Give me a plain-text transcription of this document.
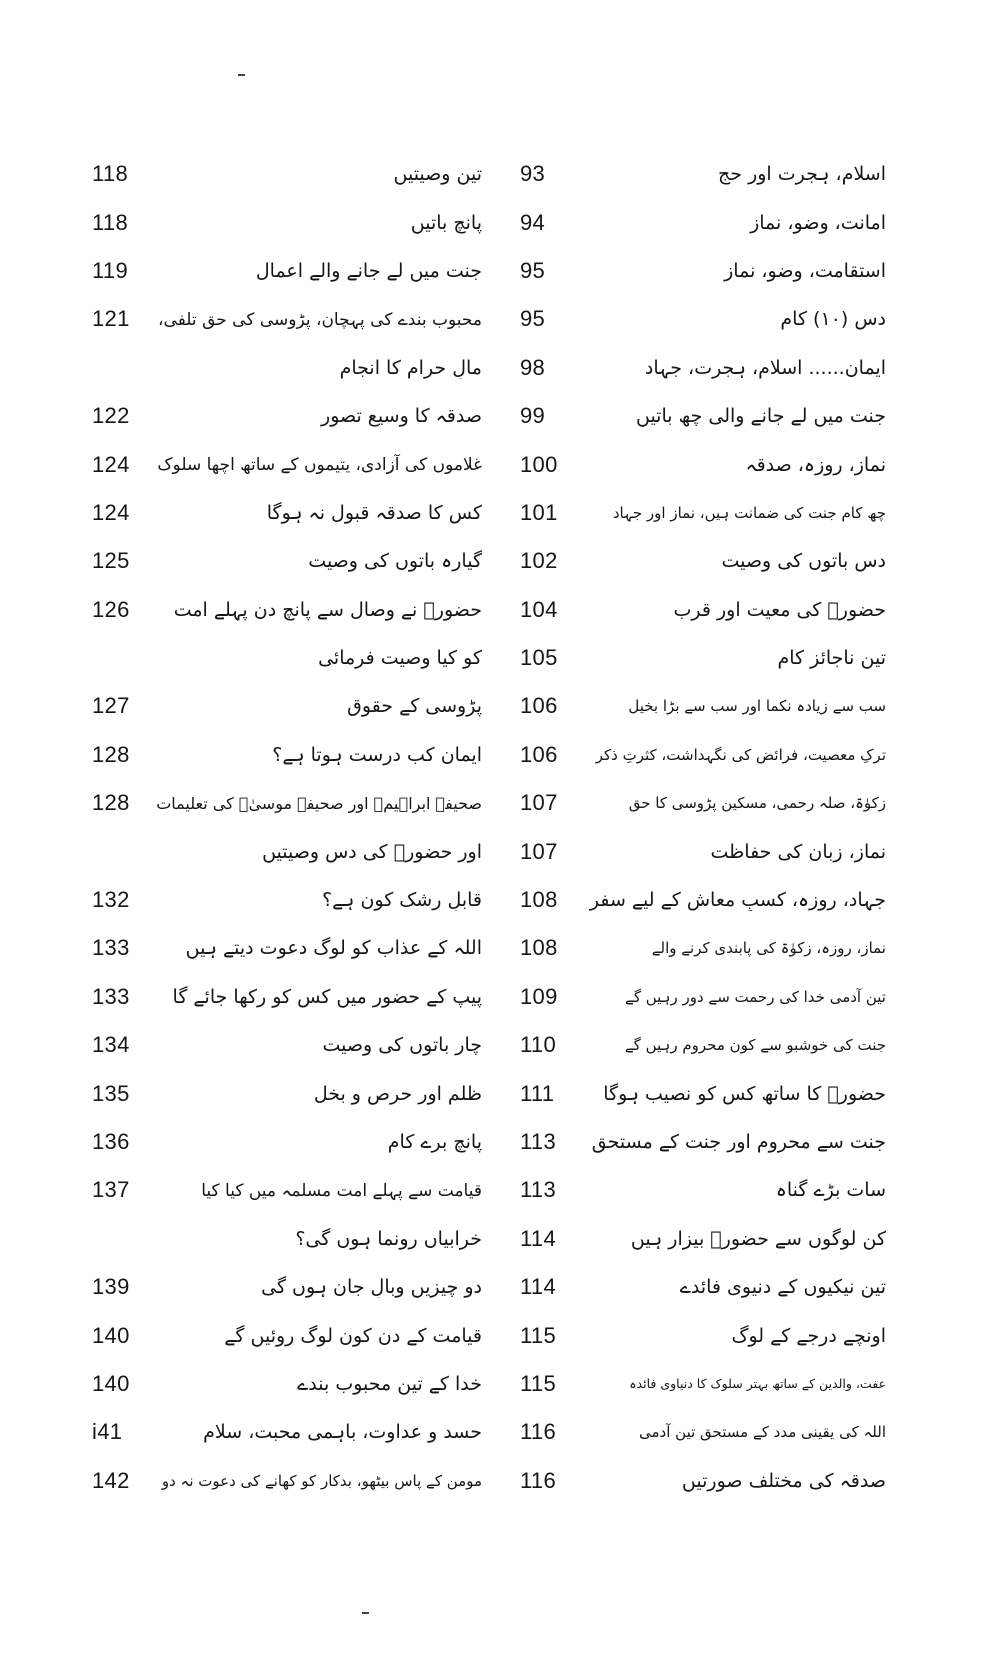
118	تین وصیتیں
118	پانچ باتیں
119	جنت میں لے جانے والے اعمال
121	محبوب بندے کی پہچان، پڑوسی کی حق تلفی،
مالِ حرام کا انجام
122	صدقہ کا وسیع تصور
124	غلاموں کی آزادی، یتیموں کے ساتھ اچھا سلوک
124	کس کا صدقہ قبول نہ ہوگا
125	گیارہ باتوں کی وصیت
126	حضورؐ نے وصال سے پانچ دن پہلے امت
کو کیا وصیت فرمائی
127	پڑوسی کے حقوق
128	ایمان کب درست ہوتا ہے؟
128	صحیفۂ ابراہیمؑ اور صحیفۂ موسیٰؑ کی تعلیمات
اور حضورؐ کی دس وصیتیں
132	قابلِ رشک کون ہے؟
133	اللہ کے عذاب کو لوگ دعوت دیتے ہیں
133	پیپ کے حضور میں کس کو رکھا جائے گا
134	چار باتوں کی وصیت
135	ظلم اور حرص و بخل
136	پانچ برے کام
137	قیامت سے پہلے امت مسلمہ میں کیا کیا
خرابیاں رونما ہوں گی؟
139	دو چیزیں وبالِ جان ہوں گی
140	قیامت کے دن کون لوگ روئیں گے
140	خدا کے تین محبوب بندے
i41	حسد و عداوت، باہمی محبت، سلام
142	مومن کے پاس بیٹھو، بدکار کو کھانے کی دعوت نہ دو
93	اسلام، ہجرت اور حج
94	امانت، وضو، نماز
95	استقامت، وضو، نماز
95	دس (۱۰) کام
98	ایمان...... اسلام، ہجرت، جہاد
99	جنت میں لے جانے والی چھ باتیں
100	نماز، روزہ، صدقہ
101	چھ کام جنت کی ضمانت ہیں، نماز اور جہاد
102	دس باتوں کی وصیت
104	حضورؐ کی معیت اور قرب
105	تین ناجائز کام
106	سب سے زیادہ نکما اور سب سے بڑا بخیل
106	ترکِ معصیت، فرائض کی نگہداشت، کثرتِ ذکر
107	زکوٰۃ، صلہ رحمی، مسکین پڑوسی کا حق
107	نماز، زبان کی حفاظت
108	جہاد، روزہ، کسبِ معاش کے لیے سفر
108	نماز، روزہ، زکوٰۃ کی پابندی کرنے والے
109	تین آدمی خدا کی رحمت سے دور رہیں گے
110	جنت کی خوشبو سے کون محروم رہیں گے
111	حضورؐ کا ساتھ کس کو نصیب ہوگا
113	جنت سے محروم اور جنت کے مستحق
113	سات بڑے گناہ
114	کن لوگوں سے حضورؐ بیزار ہیں
114	تین نیکیوں کے دنیوی فائدے
115	اونچے درجے کے لوگ
115	عفت، والدین کے ساتھ بہتر سلوک کا دنیاوی فائدہ
116	اللہ کی یقینی مدد کے مستحق تین آدمی
116	صدقہ کی مختلف صورتیں
